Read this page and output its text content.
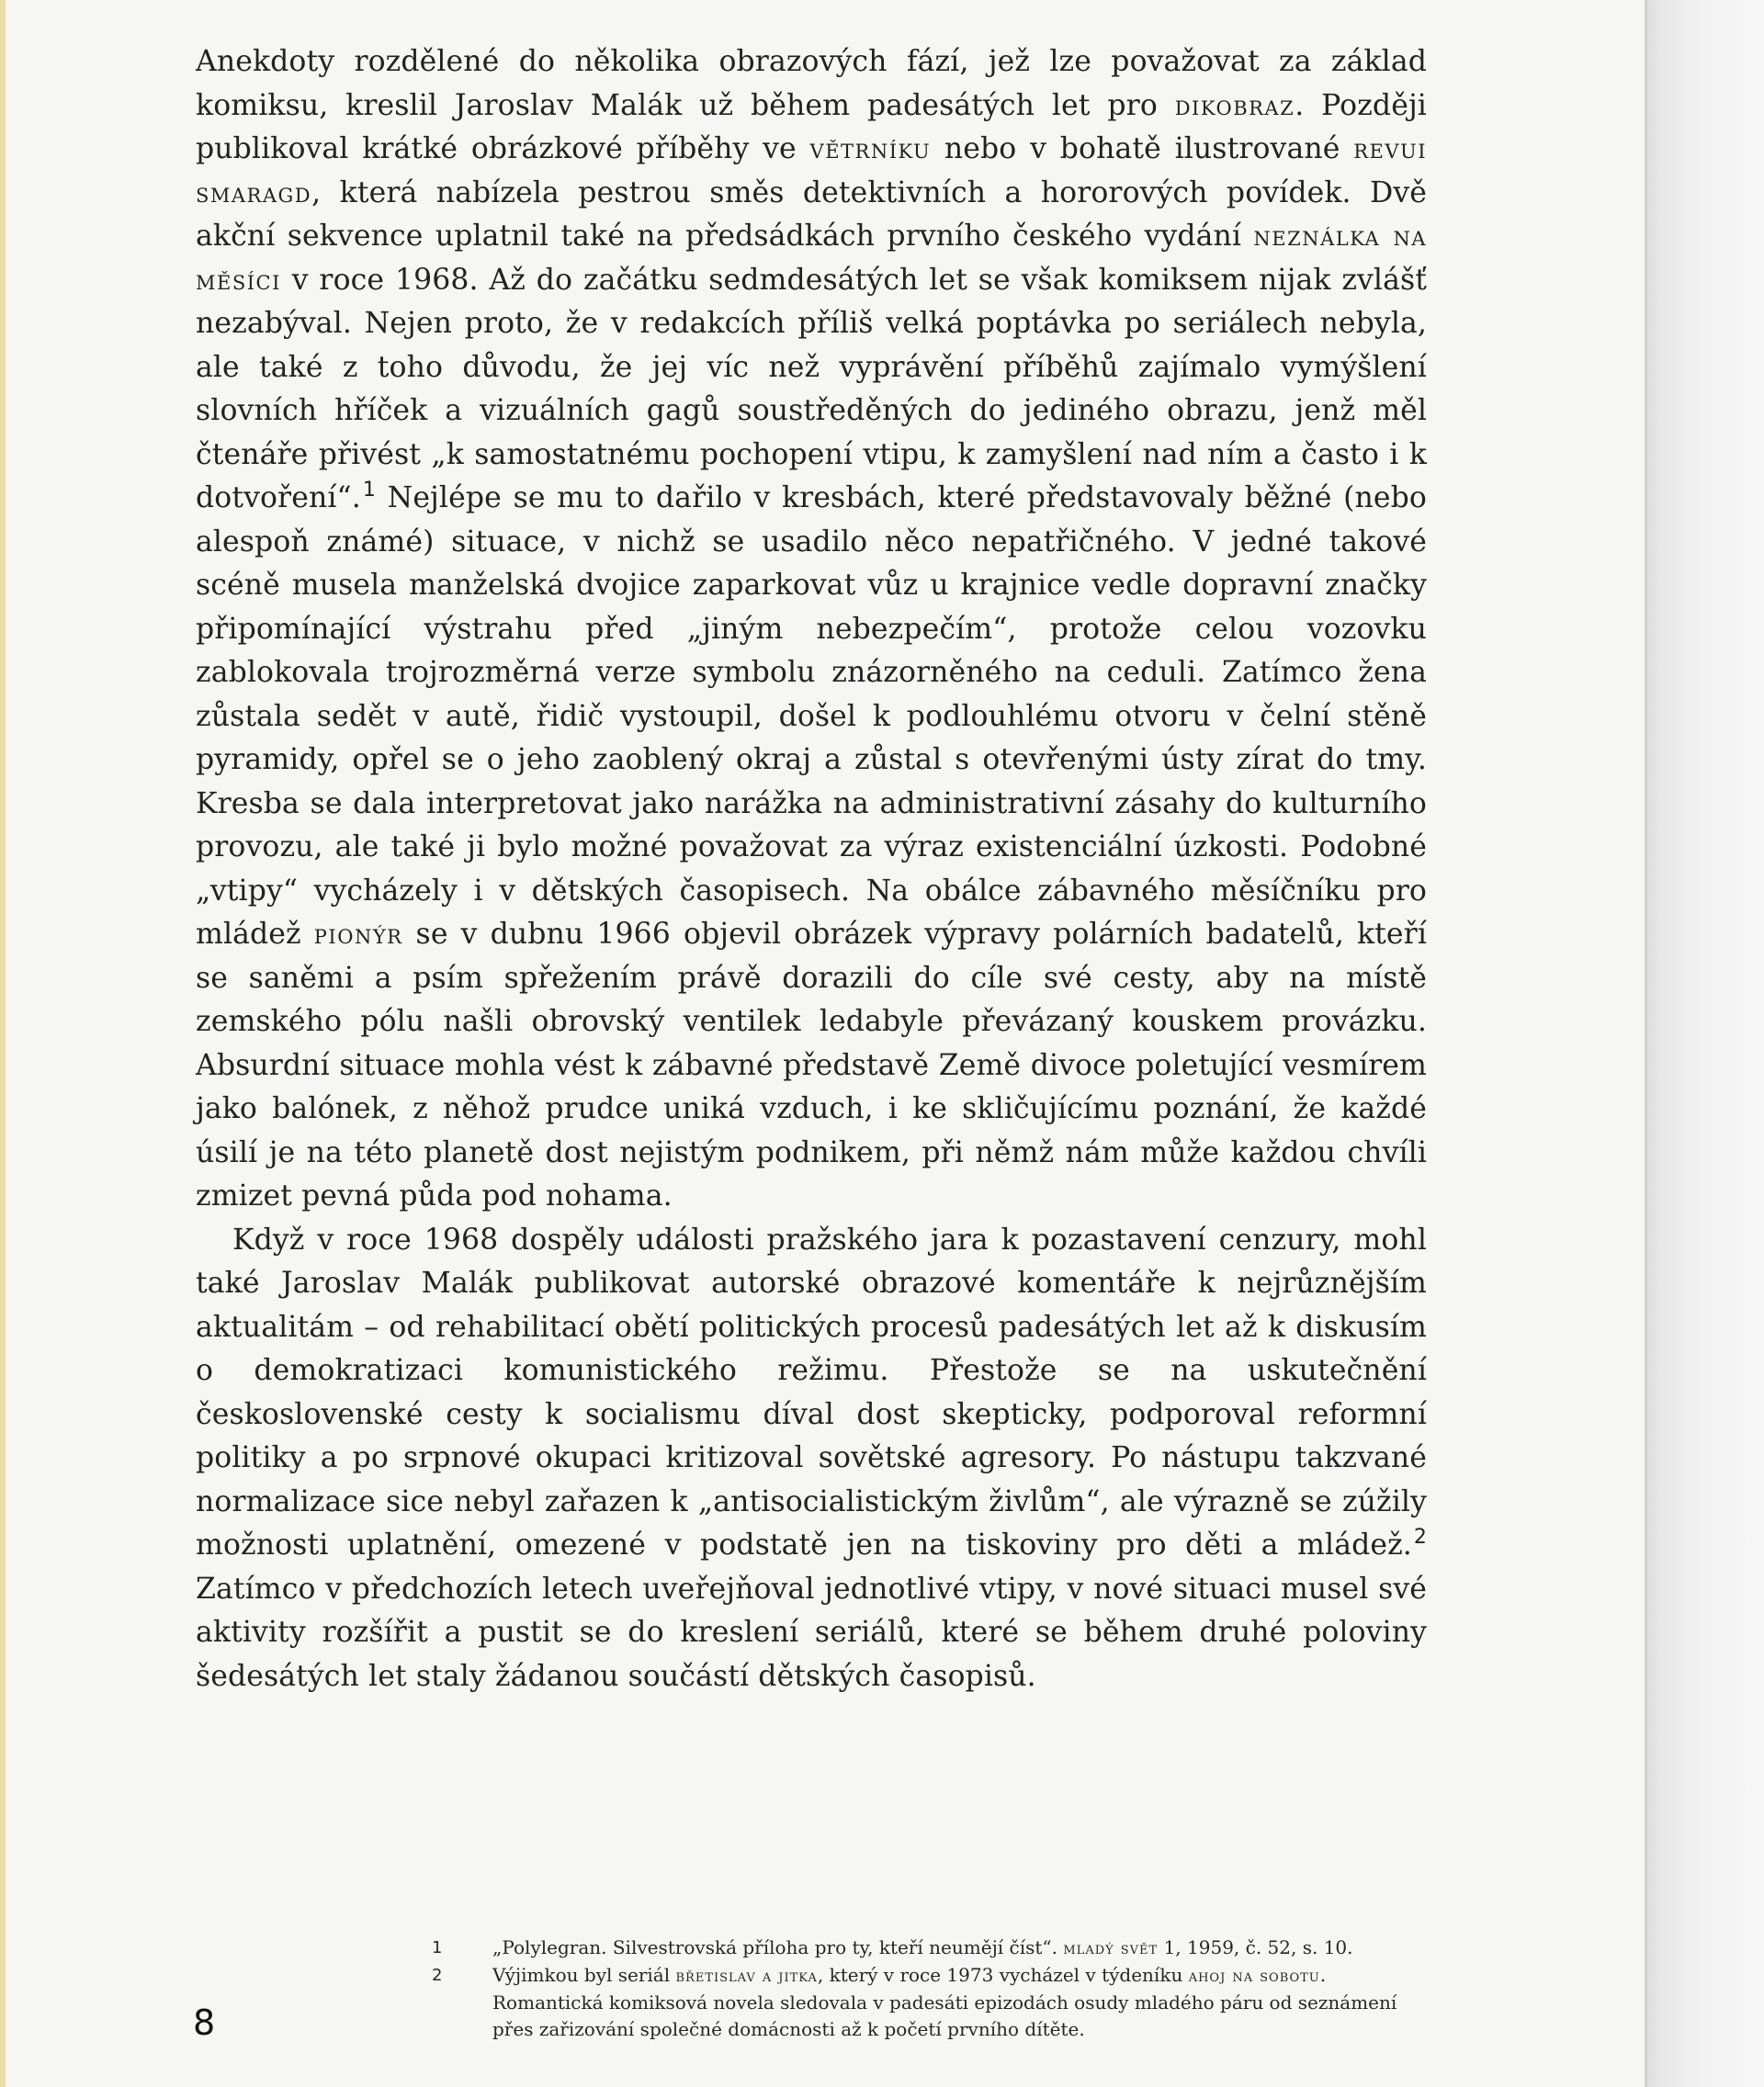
Anekdoty rozdělené do několika obrazových fází, jež lze považovat za základ komiksu, kreslil Jaroslav Malák už během padesátých let pro dikobraz. Později publikoval krátké obrázkové příběhy ve větrníku nebo v bohatě ilustrované revui smaragd, která nabízela pestrou směs detektivních a hororových povídek. Dvě akční sekvence uplatnil také na předsádkách prvního českého vydání neználka na měsíci v roce 1968. Až do začátku sedmdesátých let se však komiksem nijak zvlášť nezabýval. Nejen proto, že v redakcích příliš velká poptávka po seriálech nebyla, ale také z toho důvodu, že jej víc než vyprávění příběhů zajímalo vymýšlení slovních hříček a vizuálních gagů soustředěných do jediného obrazu, jenž měl čtenáře přivést „k samostatnému pochopení vtipu, k zamyšlení nad ním a často i k dotvoření“.$^1$ Nejlépe se mu to dařilo v kresbách, které představovaly běžné (nebo alespoň známé) situace, v nichž se usadilo něco nepatřičného. V jedné takové scéně musela manželská dvojice zaparkovat vůz u krajnice vedle dopravní značky připomínající výstrahu před „jiným nebezpečím“, protože celou vozovku zablokovala trojrozměrná verze symbolu znázorněného na ceduli. Zatímco žena zůstala sedět v autě, řidič vystoupil, došel k podlouhlému otvoru v čelní stěně pyramidy, opřel se o jeho zaoblený okraj a zůstal s otevřenými ústy zírat do tmy. Kresba se dala interpretovat jako narážka na administrativní zásahy do kulturního provozu, ale také ji bylo možné považovat za výraz existenciální úzkosti. Podobné „vtipy“ vycházely i v dětských časopisech. Na obálce zábavného měsíčníku pro mládež pionýr se v dubnu 1966 objevil obrázek výpravy polárních badatelů, kteří se saněmi a psím spřežením právě dorazili do cíle své cesty, aby na místě zemského pólu našli obrovský ventilek ledabyle převázaný kouskem provázku. Absurdní situace mohla vést k zábavné představě Země divoce poletující vesmírem jako balónek, z něhož prudce uniká vzduch, i ke skličujícímu poznání, že každé úsilí je na této planetě dost nejistým podnikem, při němž nám může každou chvíli zmizet pevná půda pod nohama.

Když v roce 1968 dospěly události pražského jara k pozastavení cenzury, mohl také Jaroslav Malák publikovat autorské obrazové komentáře k nejrůznějším aktualitám – od rehabilitací obětí politických procesů padesátých let až k diskusím o demokratizaci komunistického režimu. Přestože se na uskutečnění československé cesty k socialismu díval dost skepticky, podporoval reformní politiky a po srpnové okupaci kritizoval sovětské agresory. Po nástupu takzvané normalizace sice nebyl zařazen k „antisocialistickým živlům“, ale výrazně se zúžily možnosti uplatnění, omezené v podstatě jen na tiskoviny pro děti a mládež.$^2$ Zatímco v předchozích letech uveřejňoval jednotlivé vtipy, v nové situaci musel své aktivity rozšířit a pustit se do kreslení seriálů, které se během druhé poloviny šedesátých let staly žádanou součástí dětských časopisů.

1	„Polylegran. Silvestrovská příloha pro ty, kteří neumějí číst“. mladý svět 1, 1959, č. 52, s. 10.
2	Výjimkou byl seriál břetislav a jitka, který v roce 1973 vycházel v týdeníku ahoj na sobotu. Romantická komiksová novela sledovala v padesáti epizodách osudy mladého páru od seznámení přes zařizování společné domácnosti až k početí prvního dítěte.
8
